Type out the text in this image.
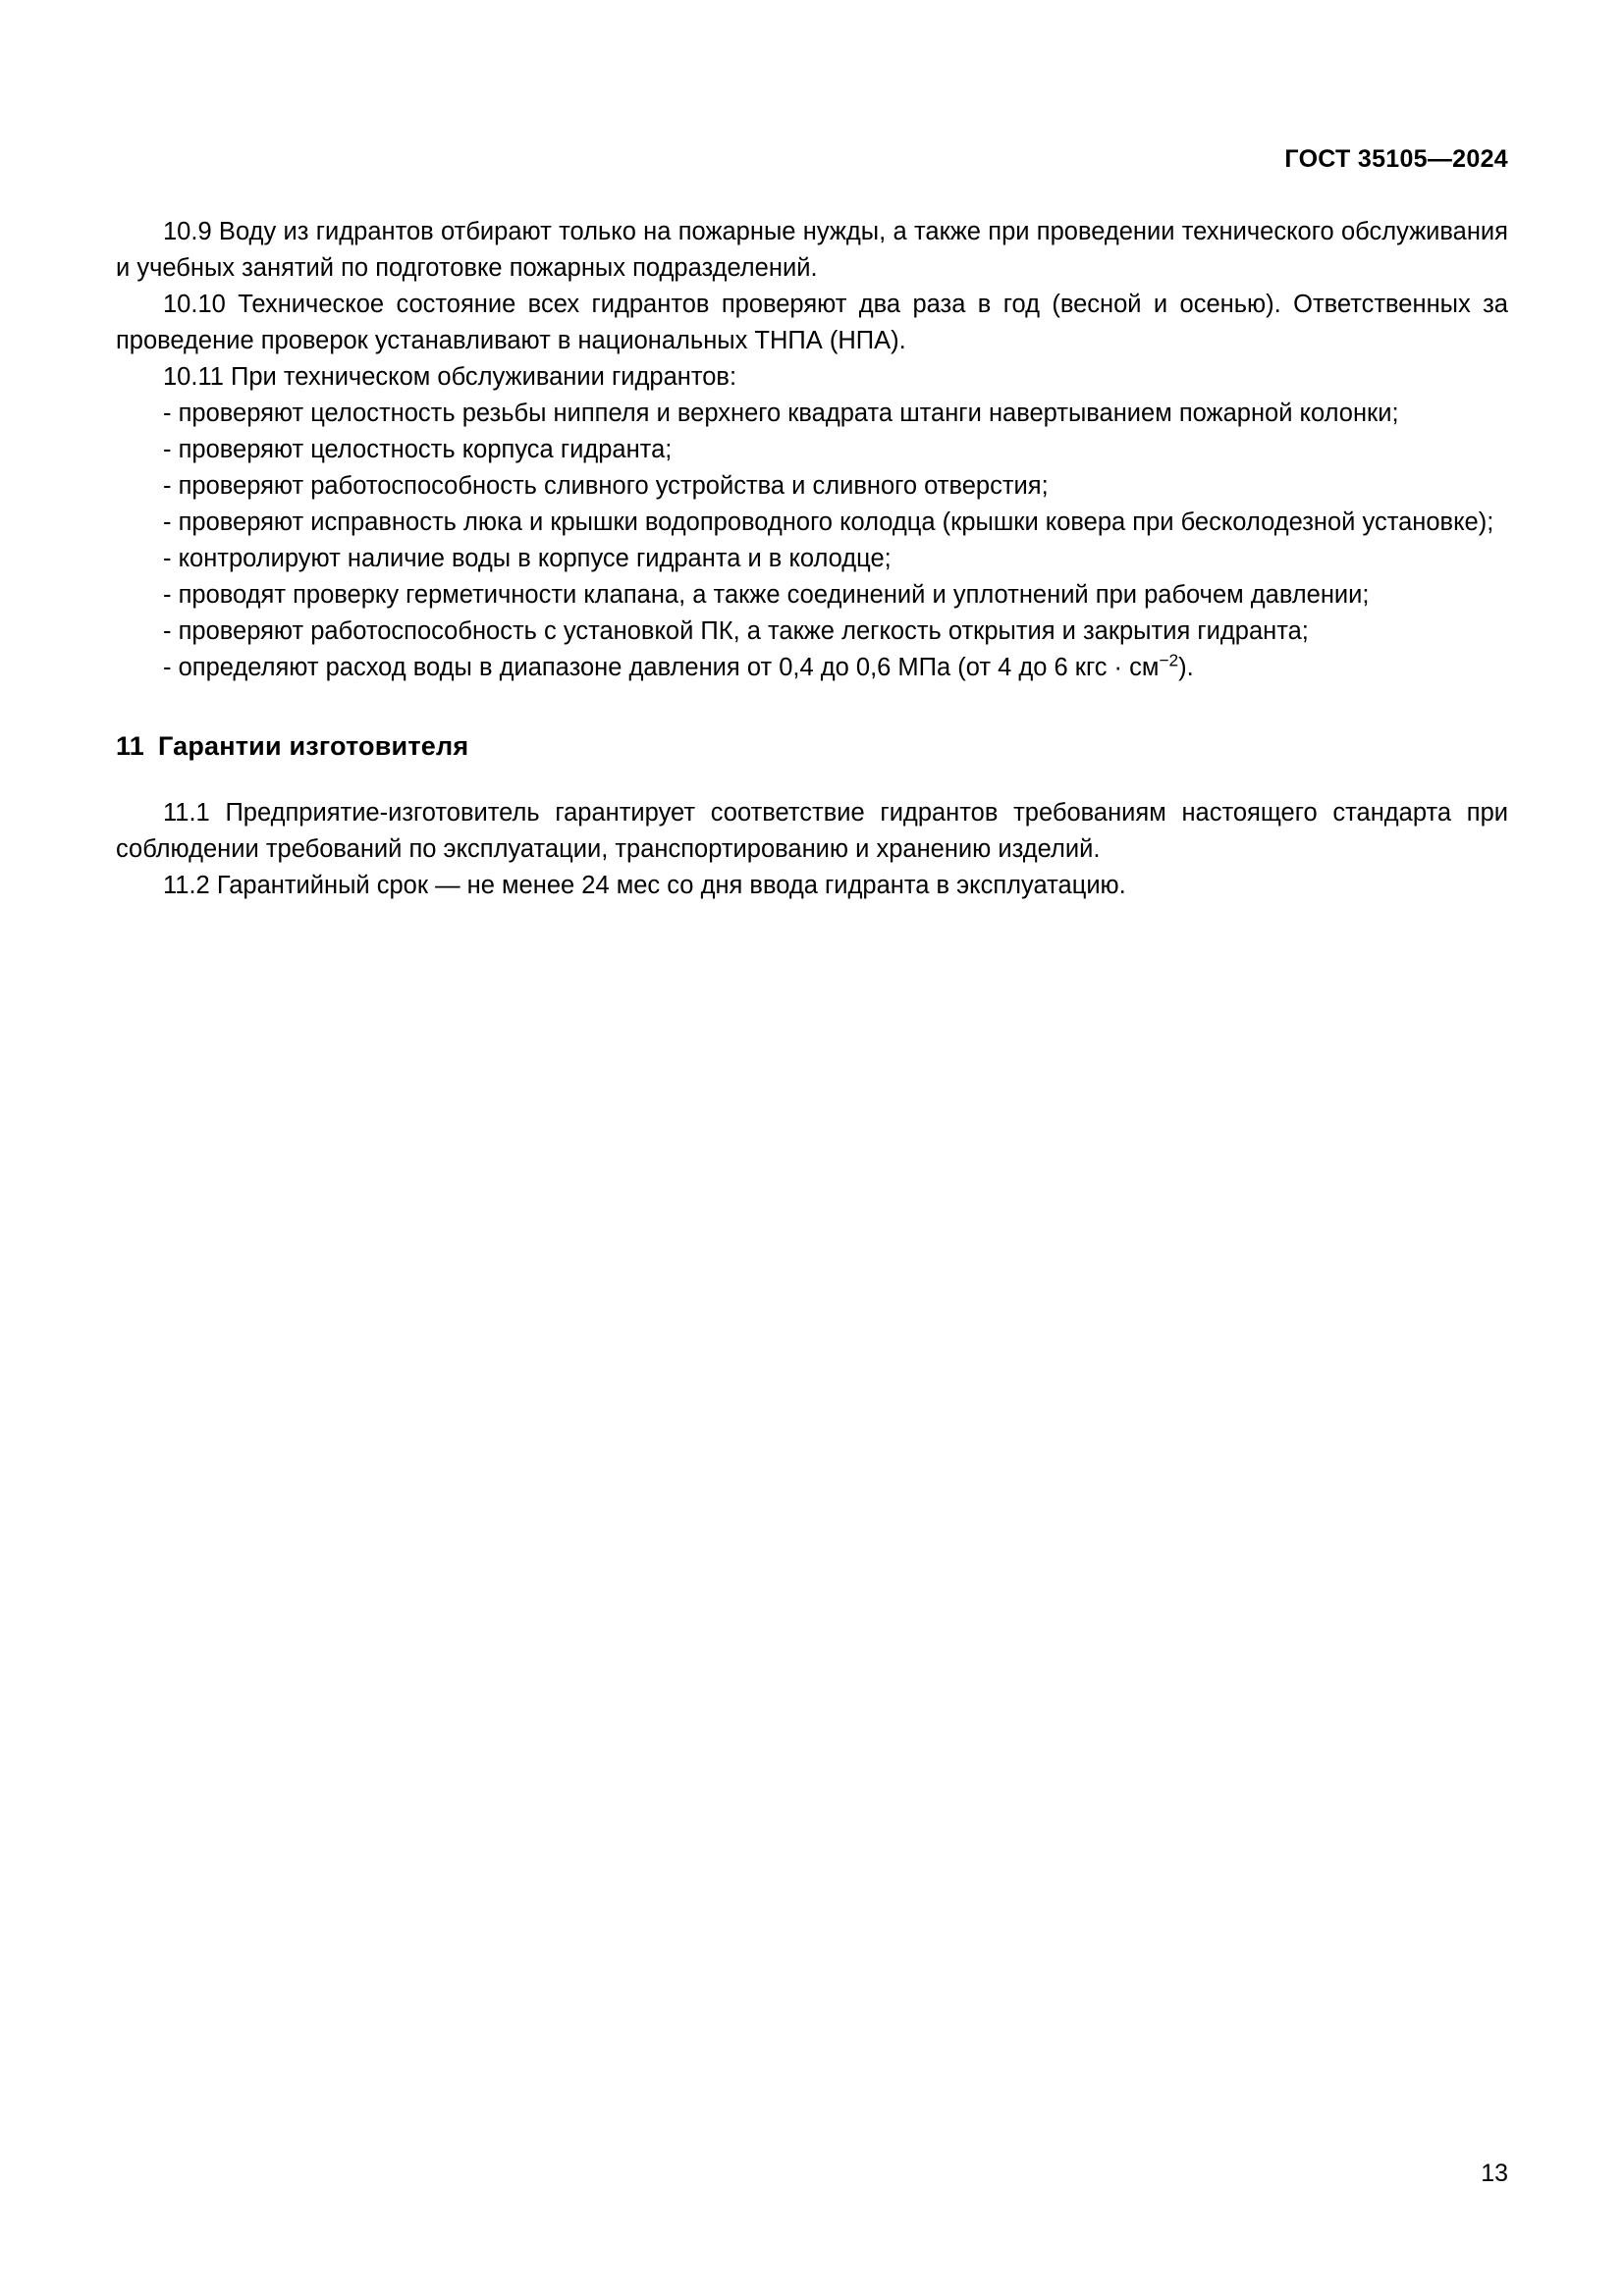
ГОСТ 35105—2024

10.9 Воду из гидрантов отбирают только на пожарные нужды, а также при проведении технического обслуживания и учебных занятий по подготовке пожарных подразделений.

10.10 Техническое состояние всех гидрантов проверяют два раза в год (весной и осенью). Ответственных за проведение проверок устанавливают в национальных ТНПА (НПА).

10.11 При техническом обслуживании гидрантов:

- проверяют целостность резьбы ниппеля и верхнего квадрата штанги навертыванием пожарной колонки;

- проверяют целостность корпуса гидранта;

- проверяют работоспособность сливного устройства и сливного отверстия;

- проверяют исправность люка и крышки водопроводного колодца (крышки ковера при бесколодезной установке);

- контролируют наличие воды в корпусе гидранта и в колодце;

- проводят проверку герметичности клапана, а также соединений и уплотнений при рабочем давлении;

- проверяют работоспособность с установкой ПК, а также легкость открытия и закрытия гидранта;

- определяют расход воды в диапазоне давления от 0,4 до 0,6 МПа (от 4 до 6 кгс · $см^{-2}$).

11 Гарантии изготовителя

11.1 Предприятие-изготовитель гарантирует соответствие гидрантов требованиям настоящего стандарта при соблюдении требований по эксплуатации, транспортированию и хранению изделий.

11.2 Гарантийный срок — не менее 24 мес со дня ввода гидранта в эксплуатацию.

13
